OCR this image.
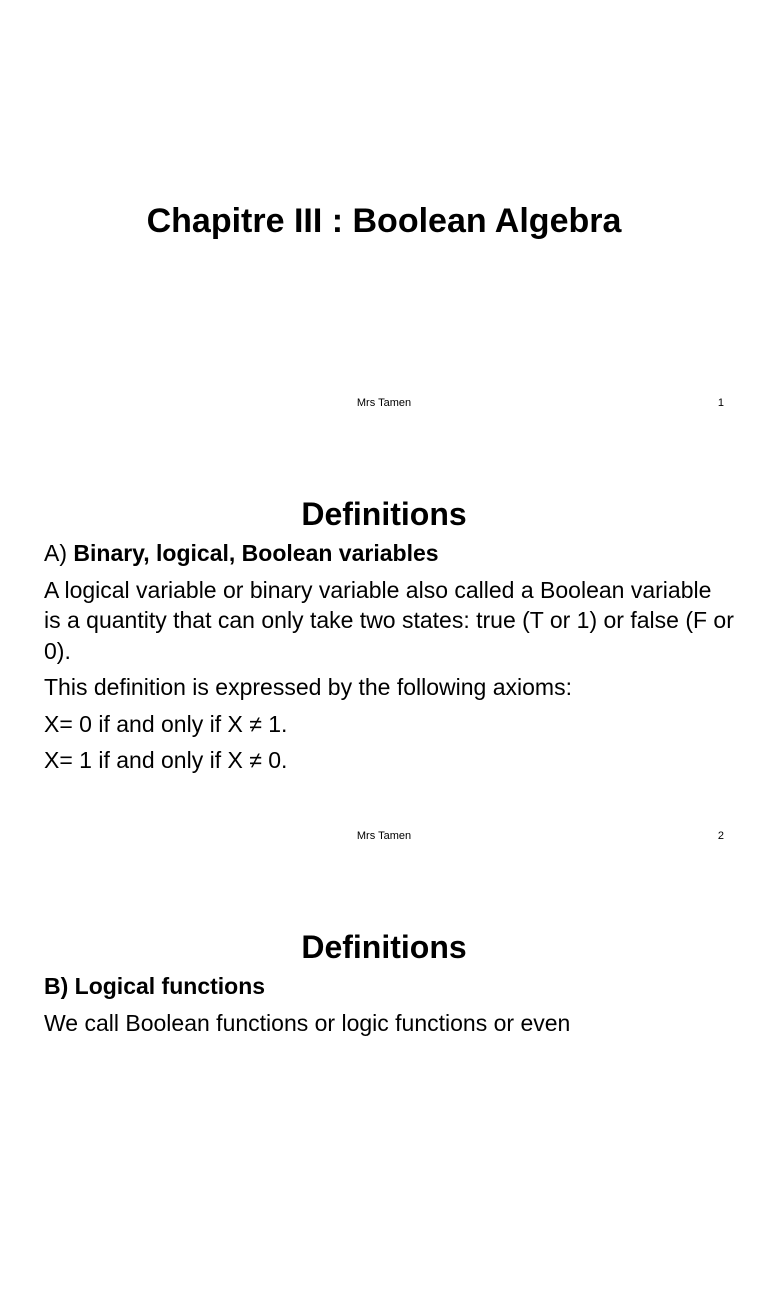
Chapitre III : Boolean Algebra
Mrs Tamen	1
Definitions

A) Binary, logical, Boolean variables

A logical variable or binary variable also called a Boolean variable is a quantity that can only take two states: true (T or 1) or false (F or 0).

This definition is expressed by the following axioms:

X= 0 if and only if X ≠ 1.

X= 1 if and only if X ≠ 0.

Mrs Tamen	2
Definitions

B) Logical functions

We call Boolean functions or logic functions or even
